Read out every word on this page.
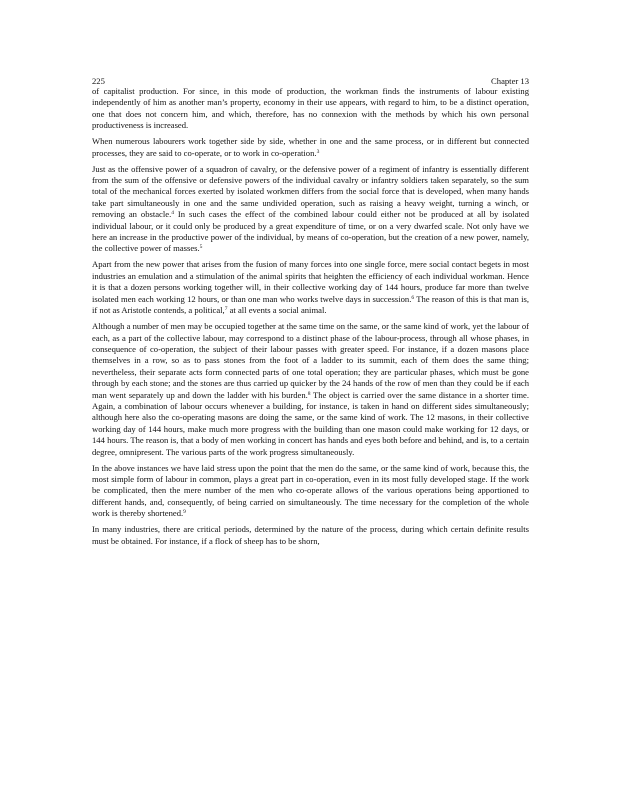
225	Chapter 13

of capitalist production. For since, in this mode of production, the workman finds the instruments of labour existing independently of him as another man’s property, economy in their use appears, with regard to him, to be a distinct operation, one that does not concern him, and which, therefore, has no connexion with the methods by which his own personal productiveness is increased.

When numerous labourers work together side by side, whether in one and the same process, or in different but connected processes, they are said to co-operate, or to work in co-operation.$^3$

Just as the offensive power of a squadron of cavalry, or the defensive power of a regiment of infantry is essentially different from the sum of the offensive or defensive powers of the individual cavalry or infantry soldiers taken separately, so the sum total of the mechanical forces exerted by isolated workmen differs from the social force that is developed, when many hands take part simultaneously in one and the same undivided operation, such as raising a heavy weight, turning a winch, or removing an obstacle.$^4$ In such cases the effect of the combined labour could either not be produced at all by isolated individual labour, or it could only be produced by a great expenditure of time, or on a very dwarfed scale. Not only have we here an increase in the productive power of the individual, by means of co-operation, but the creation of a new power, namely, the collective power of masses.$^5$

Apart from the new power that arises from the fusion of many forces into one single force, mere social contact begets in most industries an emulation and a stimulation of the animal spirits that heighten the efficiency of each individual workman. Hence it is that a dozen persons working together will, in their collective working day of 144 hours, produce far more than twelve isolated men each working 12 hours, or than one man who works twelve days in succession.$^6$ The reason of this is that man is, if not as Aristotle contends, a political,$^7$ at all events a social animal.

Although a number of men may be occupied together at the same time on the same, or the same kind of work, yet the labour of each, as a part of the collective labour, may correspond to a distinct phase of the labour-process, through all whose phases, in consequence of co-operation, the subject of their labour passes with greater speed. For instance, if a dozen masons place themselves in a row, so as to pass stones from the foot of a ladder to its summit, each of them does the same thing; nevertheless, their separate acts form connected parts of one total operation; they are particular phases, which must be gone through by each stone; and the stones are thus carried up quicker by the 24 hands of the row of men than they could be if each man went separately up and down the ladder with his burden.$^8$ The object is carried over the same distance in a shorter time. Again, a combination of labour occurs whenever a building, for instance, is taken in hand on different sides simultaneously; although here also the co-operating masons are doing the same, or the same kind of work. The 12 masons, in their collective working day of 144 hours, make much more progress with the building than one mason could make working for 12 days, or 144 hours. The reason is, that a body of men working in concert has hands and eyes both before and behind, and is, to a certain degree, omnipresent. The various parts of the work progress simultaneously.

In the above instances we have laid stress upon the point that the men do the same, or the same kind of work, because this, the most simple form of labour in common, plays a great part in co-operation, even in its most fully developed stage. If the work be complicated, then the mere number of the men who co-operate allows of the various operations being apportioned to different hands, and, consequently, of being carried on simultaneously. The time necessary for the completion of the whole work is thereby shortened.$^9$

In many industries, there are critical periods, determined by the nature of the process, during which certain definite results must be obtained. For instance, if a flock of sheep has to be shorn,
